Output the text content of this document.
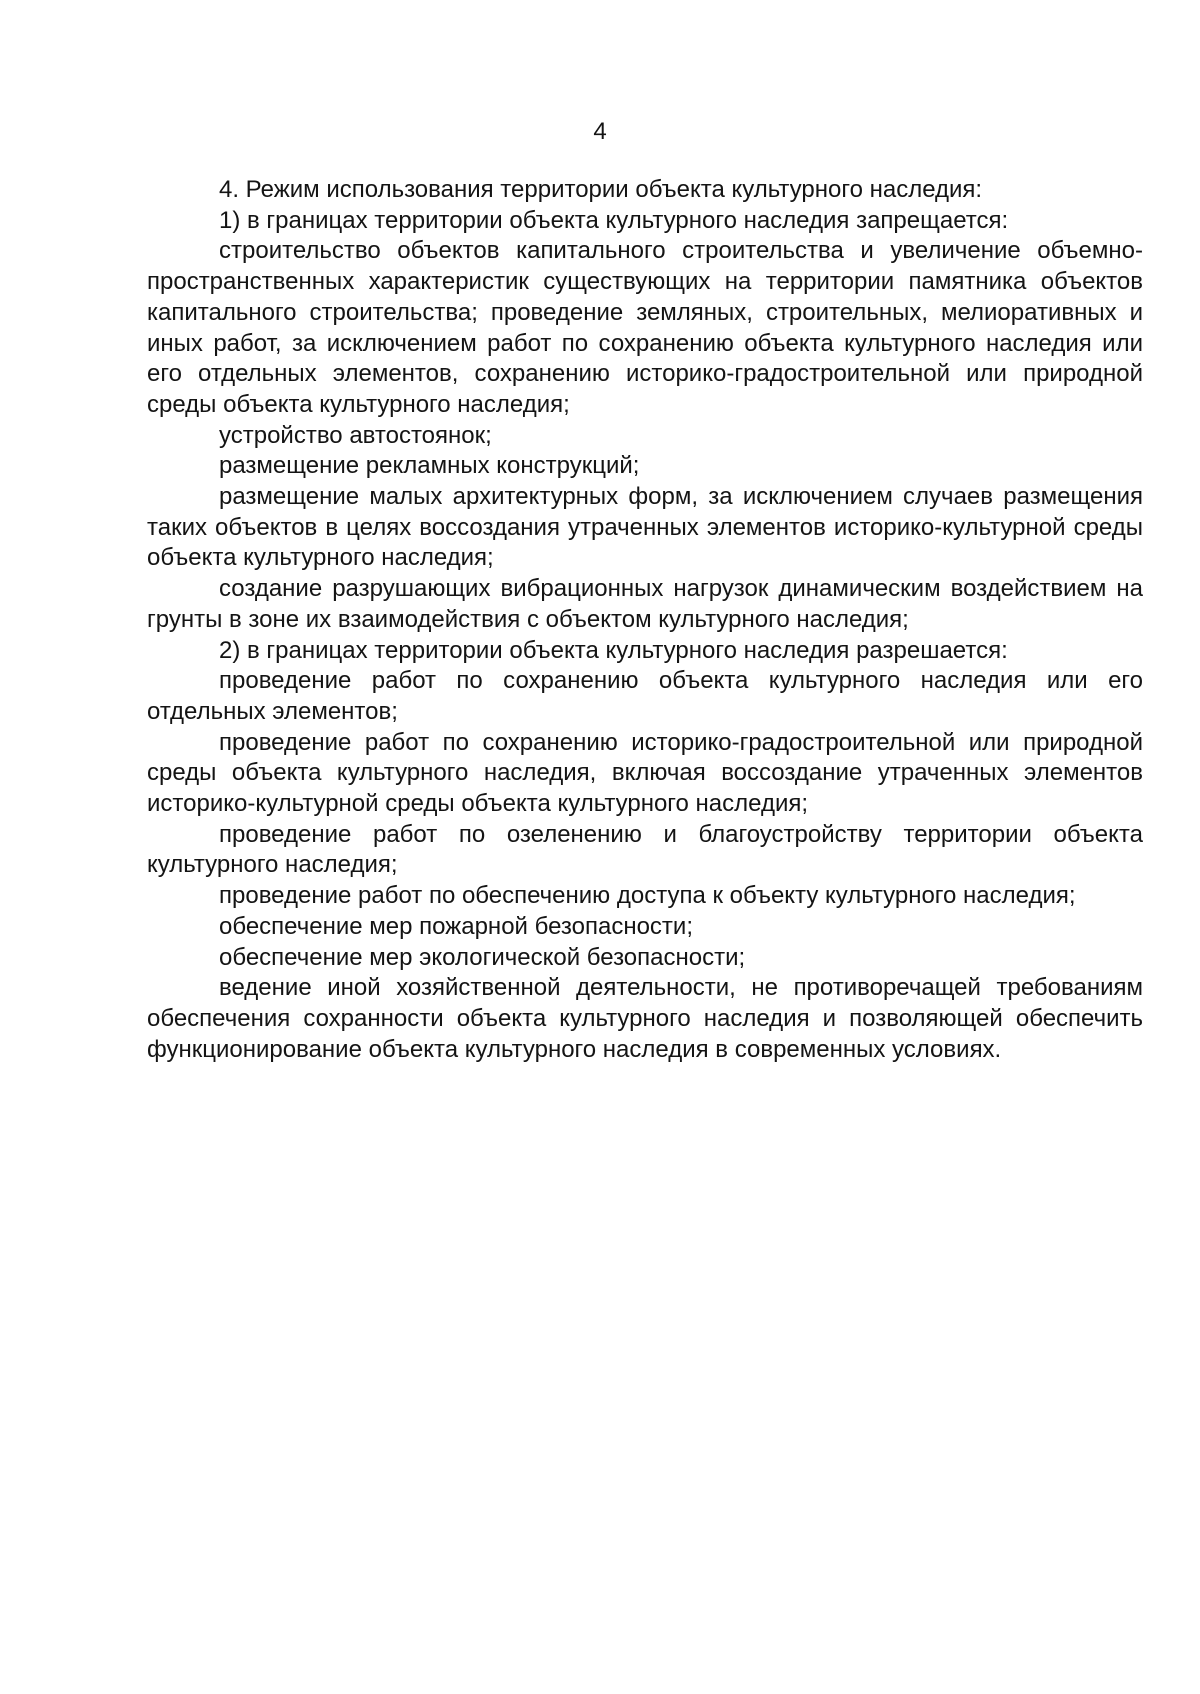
4

4. Режим использования территории объекта культурного наследия:

1) в границах территории объекта культурного наследия запрещается:

строительство объектов капитального строительства и увеличение объемно-пространственных характеристик существующих на территории памятника объектов капитального строительства; проведение земляных, строительных, мелиоративных и иных работ, за исключением работ по сохранению объекта культурного наследия или его отдельных элементов, сохранению историко-градостроительной или природной среды объекта культурного наследия;

устройство автостоянок;

размещение рекламных конструкций;

размещение малых архитектурных форм, за исключением случаев размещения таких объектов в целях воссоздания утраченных элементов историко-культурной среды объекта культурного наследия;

создание разрушающих вибрационных нагрузок динамическим воздействием на грунты в зоне их взаимодействия с объектом культурного наследия;

2) в границах территории объекта культурного наследия разрешается:

проведение работ по сохранению объекта культурного наследия или его отдельных элементов;

проведение работ по сохранению историко-градостроительной или природной среды объекта культурного наследия, включая воссоздание утраченных элементов историко-культурной среды объекта культурного наследия;

проведение работ по озеленению и благоустройству территории объекта культурного наследия;

проведение работ по обеспечению доступа к объекту культурного наследия;

обеспечение мер пожарной безопасности;

обеспечение мер экологической безопасности;

ведение иной хозяйственной деятельности, не противоречащей требованиям обеспечения сохранности объекта культурного наследия и позволяющей обеспечить функционирование объекта культурного наследия в современных условиях.
